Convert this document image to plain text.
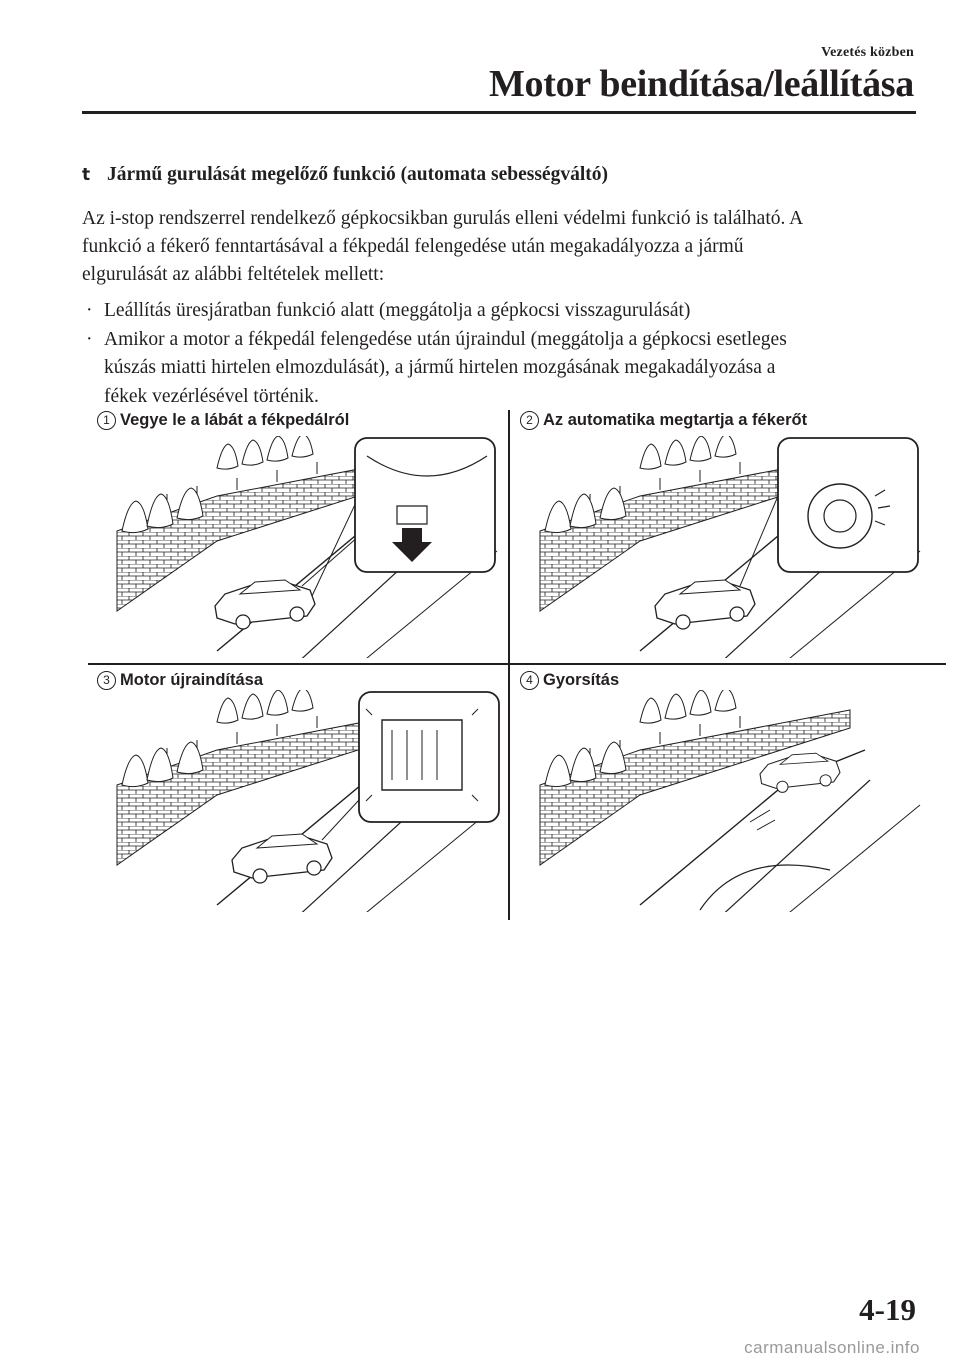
Vezetés közben
Motor beindítása/leállítása
t Jármű gurulását megelőző funkció (automata sebességváltó)
Az i-stop rendszerrel rendelkező gépkocsikban gurulás elleni védelmi funkció is található. A
funkció a fékerő fenntartásával a fékpedál felengedése után megakadályozza a jármű
elgurulását az alábbi feltételek mellett:
· Leállítás üresjáratban funkció alatt (meggátolja a gépkocsi visszagurulását)
· Amikor a motor a fékpedál felengedése után újraindul (meggátolja a gépkocsi esetleges
kúszás miatti hirtelen elmozdulását), a jármű hirtelen mozgásának megakadályozása a
fékek vezérlésével történik.
1 Vegye le a lábát a fékpedálról	2 Az automatika megtartja a fékerőt
3 Motor újraindítása	4 Gyorsítás
4-19
carmanualsonline.info
